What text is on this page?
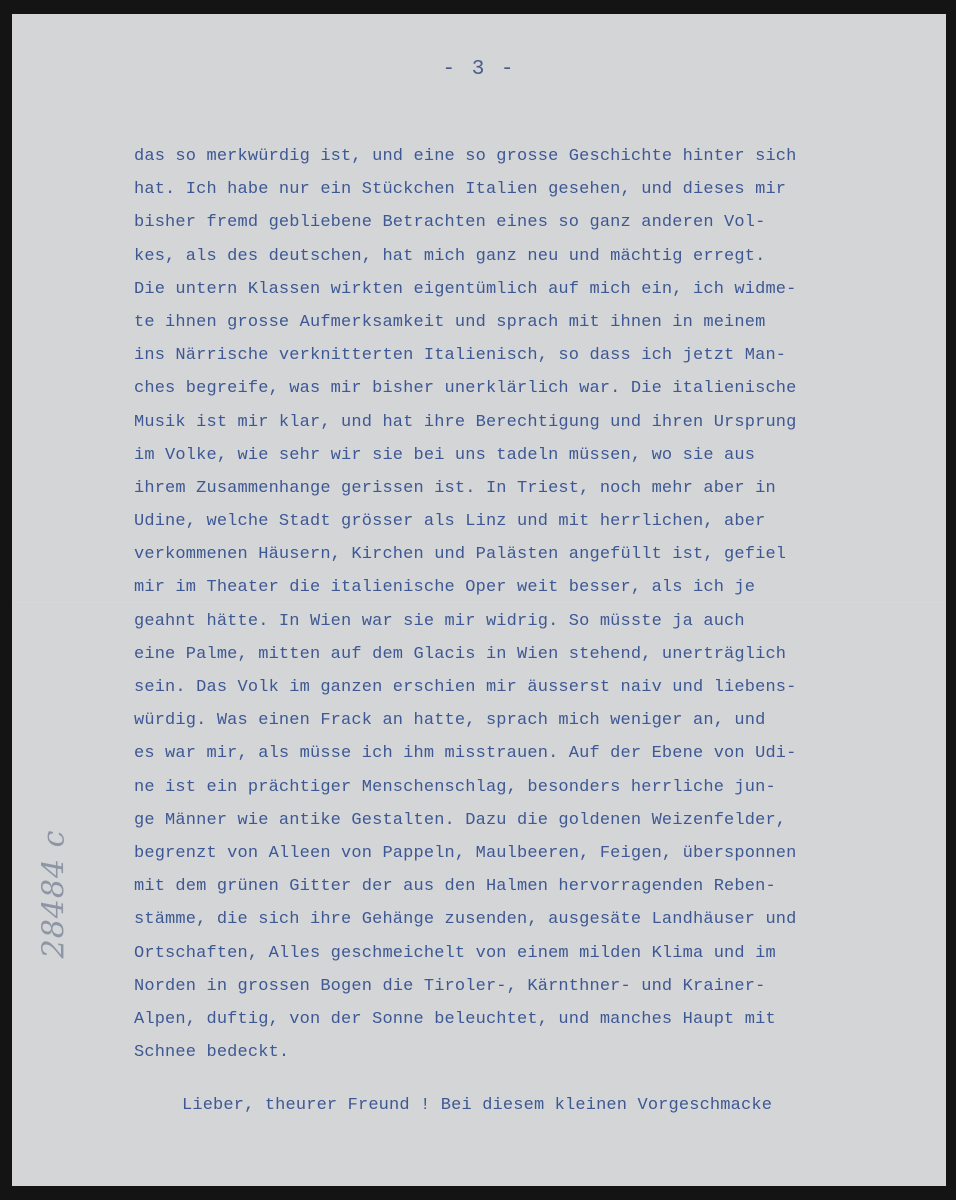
- 3 -
das so merkwürdig ist, und eine so grosse Geschichte hinter sich
hat. Ich habe nur ein Stückchen Italien gesehen, und dieses mir
bisher fremd gebliebene Betrachten eines so ganz anderen Vol-
kes, als des deutschen, hat mich ganz neu und mächtig erregt.
Die untern Klassen wirkten eigentümlich auf mich ein, ich widme-
te ihnen grosse Aufmerksamkeit und sprach mit ihnen in meinem
ins Närrische verknitterten Italienisch, so dass ich jetzt Man-
ches begreife, was mir bisher unerklärlich war. Die italienische
Musik ist mir klar, und hat ihre Berechtigung und ihren Ursprung
im Volke, wie sehr wir sie bei uns tadeln müssen, wo sie aus
ihrem Zusammenhange gerissen ist. In Triest, noch mehr aber in
Udine, welche Stadt grösser als Linz und mit herrlichen, aber
verkommenen Häusern, Kirchen und Palästen angefüllt ist, gefiel
mir im Theater die italienische Oper weit besser, als ich je
geahnt hätte. In Wien war sie mir widrig. So müsste ja auch
eine Palme, mitten auf dem Glacis in Wien stehend, unerträglich
sein. Das Volk im ganzen erschien mir äusserst naiv und liebens-
würdig. Was einen Frack an hatte, sprach mich weniger an, und
es war mir, als müsse ich ihm misstrauen. Auf der Ebene von Udi-
ne ist ein prächtiger Menschenschlag, besonders herrliche jun-
ge Männer wie antike Gestalten. Dazu die goldenen Weizenfelder,
begrenzt von Alleen von Pappeln, Maulbeeren, Feigen, übersponnen
mit dem grünen Gitter der aus den Halmen hervorragenden Reben-
stämme, die sich ihre Gehänge zusenden, ausgesäte Landhäuser und
Ortschaften, Alles geschmeichelt von einem milden Klima und im
Norden in grossen Bogen die Tiroler-, Kärnthner- und Krainer-
Alpen, duftig, von der Sonne beleuchtet, und manches Haupt mit
Schnee bedeckt.
Lieber, theurer Freund ! Bei diesem kleinen Vorgeschmacke
28484 c
